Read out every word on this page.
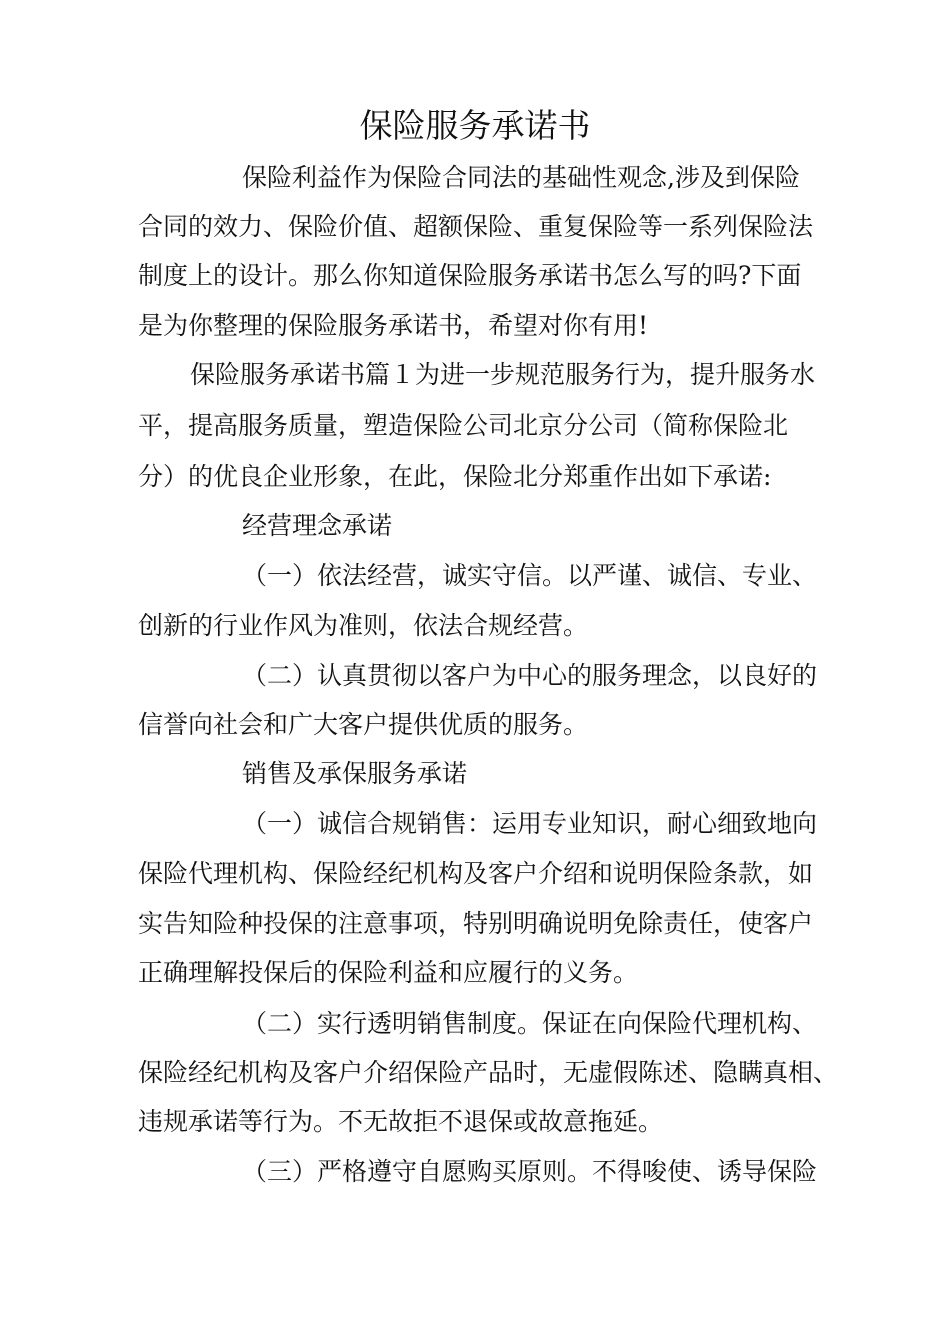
保险服务承诺书
保险利益作为保险合同法的基础性观念,涉及到保险
合同的效力、保险价值、超额保险、重复保险等一系列保险法
制度上的设计。那么你知道保险服务承诺书怎么写的吗?下面
是为你整理的保险服务承诺书，希望对你有用!
保险服务承诺书篇１为进一步规范服务行为，提升服务水
平，提高服务质量，塑造保险公司北京分公司（简称保险北
分）的优良企业形象，在此，保险北分郑重作出如下承诺:
经营理念承诺
（一）依法经营，诚实守信。以严谨、诚信、专业、
创新的行业作风为准则，依法合规经营。
（二）认真贯彻以客户为中心的服务理念，以良好的
信誉向社会和广大客户提供优质的服务。
销售及承保服务承诺
（一）诚信合规销售：运用专业知识，耐心细致地向
保险代理机构、保险经纪机构及客户介绍和说明保险条款，如
实告知险种投保的注意事项，特别明确说明免除责任，使客户
正确理解投保后的保险利益和应履行的义务。
（二）实行透明销售制度。保证在向保险代理机构、
保险经纪机构及客户介绍保险产品时，无虚假陈述、隐瞒真相、
违规承诺等行为。不无故拒不退保或故意拖延。
（三）严格遵守自愿购买原则。不得唆使、诱导保险
